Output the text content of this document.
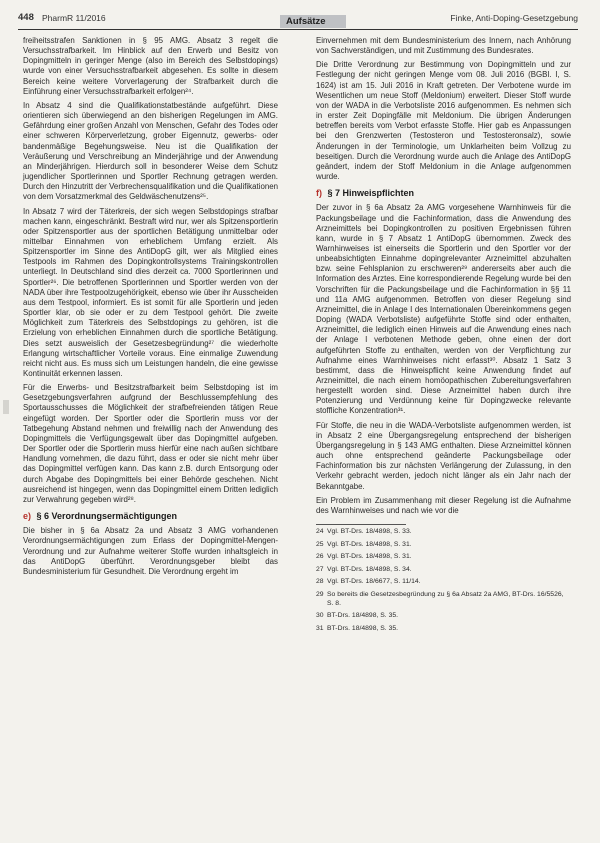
448 PharmR 11/2016	Aufsätze	Finke, Anti-Doping-Gesetzgebung

freiheitsstrafen Sanktionen in § 95 AMG. Absatz 3 regelt die Versuchsstrafbarkeit. Im Hinblick auf den Erwerb und Besitz von Dopingmitteln in geringer Menge (also im Bereich des Selbstdopings) wurde von einer Versuchsstrafbarkeit abgesehen. Es sollte in diesem Bereich keine weitere Vorverlagerung der Strafbarkeit durch die Einführung einer Versuchsstrafbarkeit erfolgen²⁴.

In Absatz 4 sind die Qualifikationstatbestände aufgeführt. Diese orientieren sich überwiegend an den bisherigen Regelungen im AMG. Gefährdung einer großen Anzahl von Menschen, Gefahr des Todes oder einer schweren Körperverletzung, grober Eigennutz, gewerbs- oder bandenmäßige Begehungsweise. Neu ist die Qualifikation der Veräußerung und Verschreibung an Minderjährige und der Anwendung an Minderjährigen. Hierdurch soll in besonderer Weise dem Schutz jugendlicher Sportlerinnen und Sportler Rechnung getragen werden. Durch den Hinzutritt der Verbrechensqualifikation und die Qualifikationen von dem Vorsatzmerkmal des Geldwäschenutzens²⁵.

In Absatz 7 wird der Täterkreis, der sich wegen Selbstdopings strafbar machen kann, eingeschränkt. Bestraft wird nur, wer als Spitzensportlerin oder Spitzensportler aus der sportlichen Betätigung unmittelbar oder mittelbar Einnahmen von erheblichem Umfang erzielt. Als Spitzensportler im Sinne des AntiDopG gilt, wer als Mitglied eines Testpools im Rahmen des Dopingkontrollsystems Trainingskontrollen unterliegt. In Deutschland sind dies derzeit ca. 7000 Sportlerinnen und Sportler²⁶. Die betroffenen Sportlerinnen und Sportler werden von der NADA über ihre Testpoolzugehörigkeit, ebenso wie über ihr Ausscheiden aus dem Testpool, informiert. Es ist somit für alle Sportlerin und jeden Sportler klar, ob sie oder er zu dem Testpool gehört. Die zweite Möglichkeit zum Täterkreis des Selbstdopings zu gehören, ist die Erzielung von erheblichen Einnahmen durch die sportliche Betätigung. Dies setzt ausweislich der Gesetzesbegründung²⁷ die wiederholte Erlangung wirtschaftlicher Vorteile voraus. Eine einmalige Zuwendung reicht nicht aus. Es muss sich um Leistungen handeln, die eine gewisse Kontinuität erkennen lassen.

Für die Erwerbs- und Besitzstrafbarkeit beim Selbstdoping ist im Gesetzgebungsverfahren aufgrund der Beschlussempfehlung des Sportausschusses die Möglichkeit der strafbefreienden tätigen Reue eingefügt worden. Der Sportler oder die Sportlerin muss vor der Tatbegehung Abstand nehmen und freiwillig nach der Anwendung des Dopingmittels die Verfügungsgewalt über das Dopingmittel aufgeben. Der Sportler oder die Sportlerin muss hierfür eine nach außen sichtbare Handlung vornehmen, die dazu führt, dass er oder sie nicht mehr über das Dopingmittel verfügen kann. Das kann z.B. durch Entsorgung oder durch Abgabe des Dopingmittels bei einer Behörde geschehen. Nicht ausreichend ist hingegen, wenn das Dopingmittel einem Dritten lediglich zur Verwahrung gegeben wird²⁸.

e) § 6 Verordnungsermächtigungen

Die bisher in § 6a Absatz 2a und Absatz 3 AMG vorhandenen Verordnungsermächtigungen zum Erlass der Dopingmittel-Mengen-Verordnung und zur Aufnahme weiterer Stoffe wurden inhaltsgleich in das AntiDopG überführt. Verordnungsgeber bleibt das Bundesministerium für Gesundheit. Die Verordnung ergeht im

Einvernehmen mit dem Bundesministerium des Innern, nach Anhörung von Sachverständigen, und mit Zustimmung des Bundesrates.

Die Dritte Verordnung zur Bestimmung von Dopingmitteln und zur Festlegung der nicht geringen Menge vom 08. Juli 2016 (BGBl. I, S. 1624) ist am 15. Juli 2016 in Kraft getreten. Der Verbotene wurde im Wesentlichen um neue Stoff (Meldonium) erweitert. Dieser Stoff wurde von der WADA in die Verbotsliste 2016 aufgenommen. Es nehmen sich in erster Zeit Dopingfälle mit Meldonium. Die übrigen Änderungen betreffen bereits vom Verbot erfasste Stoffe. Hier gab es Anpassungen bei den Grenzwerten (Testosteron und Testosteronsalz), sowie Änderungen in der Terminologie, um Unklarheiten beim Vollzug zu beseitigen. Durch die Verordnung wurde auch die Anlage des AntiDopG geändert, indem der Stoff Meldonium in die Anlage aufgenommen wurde.

f) § 7 Hinweispflichten

Der zuvor in § 6a Absatz 2a AMG vorgesehene Warnhinweis für die Packungsbeilage und die Fachinformation, dass die Anwendung des Arzneimittels bei Dopingkontrollen zu positiven Ergebnissen führen kann, wurde in § 7 Absatz 1 AntiDopG übernommen. Zweck des Warnhinweises ist einerseits die Sportlerin und den Sportler vor der unbeabsichtigten Einnahme dopingrelevanter Arzneimittel abzuhalten bzw. seine Fehlsplanion zu erschweren²⁹ andererseits aber auch die Information des Arztes. Eine korrespondierende Regelung wurde bei den Vorschriften für die Packungsbeilage und die Fachinformation in §§ 11 und 11a AMG aufgenommen. Betroffen von dieser Regelung sind Arzneimittel, die in Anlage I des Internationalen Übereinkommens gegen Doping (WADA Verbotsliste) aufgeführte Stoffe sind oder enthalten, Arzneimittel, die lediglich einen Hinweis auf die Anwendung eines nach der Anlage I verbotenen Methode geben, ohne einen der dort aufgeführten Stoffe zu enthalten, werden von der Verpflichtung zur Aufnahme eines Warnhinweises nicht erfasst³⁰. Absatz 1 Satz 3 bestimmt, dass die Hinweispflicht keine Anwendung findet auf Arzneimittel, die nach einem homöopathischen Zubereitungsverfahren hergestellt worden sind. Diese Arzneimittel haben durch ihre Potenzierung und Verdünnung keine für Dopingzwecke relevante stoffliche Konzentration³¹.

Für Stoffe, die neu in die WADA-Verbotsliste aufgenommen werden, ist in Absatz 2 eine Übergangsregelung entsprechend der bisherigen Übergangsregelung in § 143 AMG enthalten. Diese Arzneimittel können auch ohne entsprechend geänderte Packungsbeilage oder Fachinformation bis zur nächsten Verlängerung der Zulassung, in den Verkehr gebracht werden, jedoch nicht länger als ein Jahr nach der Bekanntgabe.

Ein Problem im Zusammenhang mit dieser Regelung ist die Aufnahme des Warnhinweises und nach wie vor die

24 Vgl. BT-Drs. 18/4898, S. 33.

25 Vgl. BT-Drs. 18/4898, S. 31.

26 Vgl. BT-Drs. 18/4898, S. 31.

27 Vgl. BT-Drs. 18/4898, S. 34.

28 Vgl. BT-Drs. 18/6677, S. 11/14.

29 So bereits die Gesetzesbegründung zu § 6a Absatz 2a AMG, BT-Drs. 16/5526, S. 8.

30 BT-Drs. 18/4898, S. 35.

31 BT-Drs. 18/4898, S. 35.
